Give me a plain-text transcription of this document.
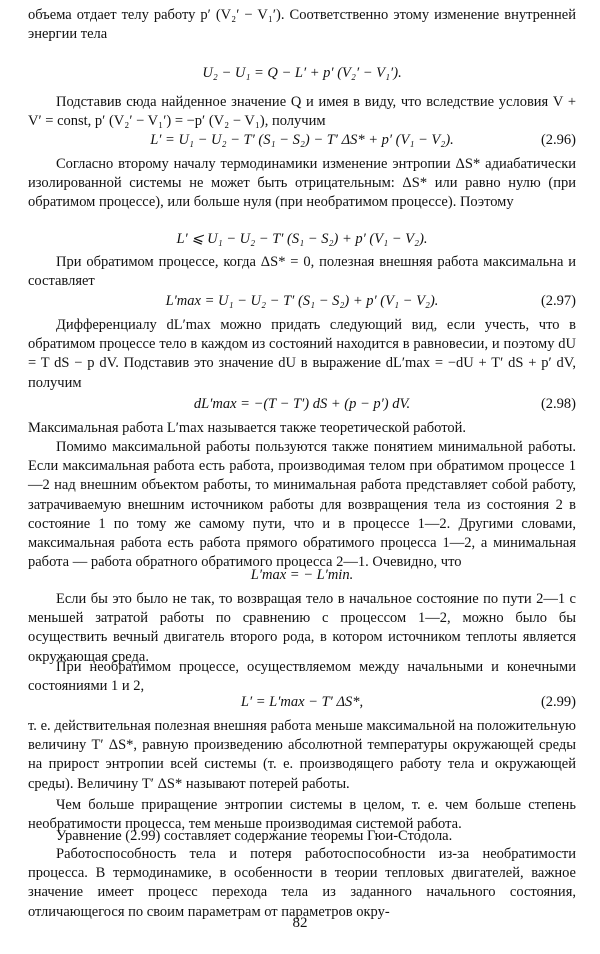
объема отдает телу работу p′ (V₂′ − V₁′). Соответственно этому изменение внутренней энергии тела

U₂ − U₁ = Q − L′ + p′ (V₂′ − V₁′).

Подставив сюда найденное значение Q и имея в виду, что вследствие условия V + V′ = const, p′ (V₂′ − V₁′) = −p′ (V₂ − V₁), получим

L′ = U₁ − U₂ − T′ (S₁ − S₂) − T′ ΔS* + p′ (V₁ − V₂).	(2.96)

Согласно второму началу термодинамики изменение энтропии ΔS* адиабатически изолированной системы не может быть отрицательным: ΔS* или равно нулю (при обратимом процессе), или больше нуля (при необратимом процессе). Поэтому

L′ ⩽ U₁ − U₂ − T′ (S₁ − S₂) + p′ (V₁ − V₂).

При обратимом процессе, когда ΔS* = 0, полезная внешняя работа максимальна и составляет

L′max = U₁ − U₂ − T′ (S₁ − S₂) + p′ (V₁ − V₂).	(2.97)

Дифференциалу dL′max можно придать следующий вид, если учесть, что в обратимом процессе тело в каждом из состояний находится в равновесии, и поэтому dU = T dS − p dV. Подставив это значение dU в выражение dL′max = −dU + T′ dS + p′ dV, получим

dL′max = −(T − T′) dS + (p − p′) dV.	(2.98)

Максимальная работа L′max называется также теоретической работой.

Помимо максимальной работы пользуются также понятием минимальной работы. Если максимальная работа есть работа, производимая телом при обратимом процессе 1—2 над внешним объектом работы, то минимальная работа представляет собой работу, затрачиваемую внешним источником работы для возвращения тела из состояния 2 в состояние 1 по тому же самому пути, что и в процессе 1—2. Другими словами, максимальная работа есть работа прямого обратимого процесса 1—2, а минимальная работа — работа обратного обратимого процесса 2—1. Очевидно, что

L′max = − L′min.

Если бы это было не так, то возвращая тело в начальное состояние по пути 2—1 с меньшей затратой работы по сравнению с процессом 1—2, можно было бы осуществить вечный двигатель второго рода, в котором источником теплоты является окружающая среда.

При необратимом процессе, осуществляемом между начальными и конечными состояниями 1 и 2,

L′ = L′max − T′ ΔS*,	(2.99)

т. е. действительная полезная внешняя работа меньше максимальной на положительную величину T′ ΔS*, равную произведению абсолютной температуры окружающей среды на прирост энтропии всей системы (т. е. производящего работу тела и окружающей среды). Величину T′ ΔS* называют потерей работы.

Чем больше приращение энтропии системы в целом, т. е. чем больше степень необратимости процесса, тем меньше производимая системой работа.

Уравнение (2.99) составляет содержание теоремы Гюи-Стодола.

Работоспособность тела и потеря работоспособности из-за необратимости процесса. В термодинамике, в особенности в теории тепловых двигателей, важное значение имеет процесс перехода тела из заданного начального состояния, отличающегося по своим параметрам от параметров окру-

82
